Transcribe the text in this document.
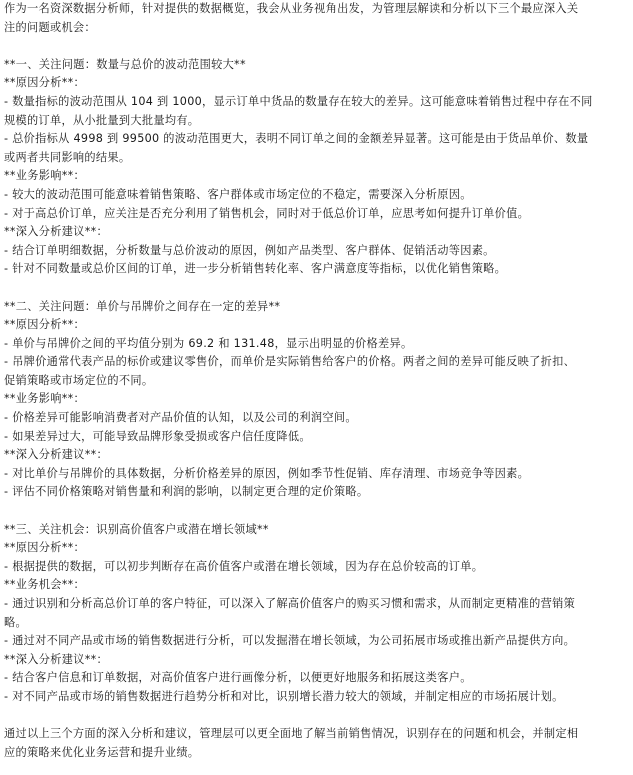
作为一名资深数据分析师，针对提供的数据概览，我会从业务视角出发，为管理层解读和分析以下三个最应深入关
注的问题或机会：
**一、关注问题：数量与总价的波动范围较大**
**原因分析**：
- 数量指标的波动范围从 104 到 1000，显示订单中货品的数量存在较大的差异。这可能意味着销售过程中存在不同
规模的订单，从小批量到大批量均有。
- 总价指标从 4998 到 99500 的波动范围更大，表明不同订单之间的金额差异显著。这可能是由于货品单价、数量
或两者共同影响的结果。
**业务影响**：
- 较大的波动范围可能意味着销售策略、客户群体或市场定位的不稳定，需要深入分析原因。
- 对于高总价订单，应关注是否充分利用了销售机会，同时对于低总价订单，应思考如何提升订单价值。
**深入分析建议**：
- 结合订单明细数据，分析数量与总价波动的原因，例如产品类型、客户群体、促销活动等因素。
- 针对不同数量或总价区间的订单，进一步分析销售转化率、客户满意度等指标，以优化销售策略。
**二、关注问题：单价与吊牌价之间存在一定的差异**
**原因分析**：
- 单价与吊牌价之间的平均值分别为 69.2 和 131.48，显示出明显的价格差异。
- 吊牌价通常代表产品的标价或建议零售价，而单价是实际销售给客户的价格。两者之间的差异可能反映了折扣、
促销策略或市场定位的不同。
**业务影响**：
- 价格差异可能影响消费者对产品价值的认知，以及公司的利润空间。
- 如果差异过大，可能导致品牌形象受损或客户信任度降低。
**深入分析建议**：
- 对比单价与吊牌价的具体数据，分析价格差异的原因，例如季节性促销、库存清理、市场竞争等因素。
- 评估不同价格策略对销售量和利润的影响，以制定更合理的定价策略。
**三、关注机会：识别高价值客户或潜在增长领域**
**原因分析**：
- 根据提供的数据，可以初步判断存在高价值客户或潜在增长领域，因为存在总价较高的订单。
**业务机会**：
- 通过识别和分析高总价订单的客户特征，可以深入了解高价值客户的购买习惯和需求，从而制定更精准的营销策
略。
- 通过对不同产品或市场的销售数据进行分析，可以发掘潜在增长领域，为公司拓展市场或推出新产品提供方向。
**深入分析建议**：
- 结合客户信息和订单数据，对高价值客户进行画像分析，以便更好地服务和拓展这类客户。
- 对不同产品或市场的销售数据进行趋势分析和对比，识别增长潜力较大的领域，并制定相应的市场拓展计划。
通过以上三个方面的深入分析和建议，管理层可以更全面地了解当前销售情况，识别存在的问题和机会，并制定相
应的策略来优化业务运营和提升业绩。
